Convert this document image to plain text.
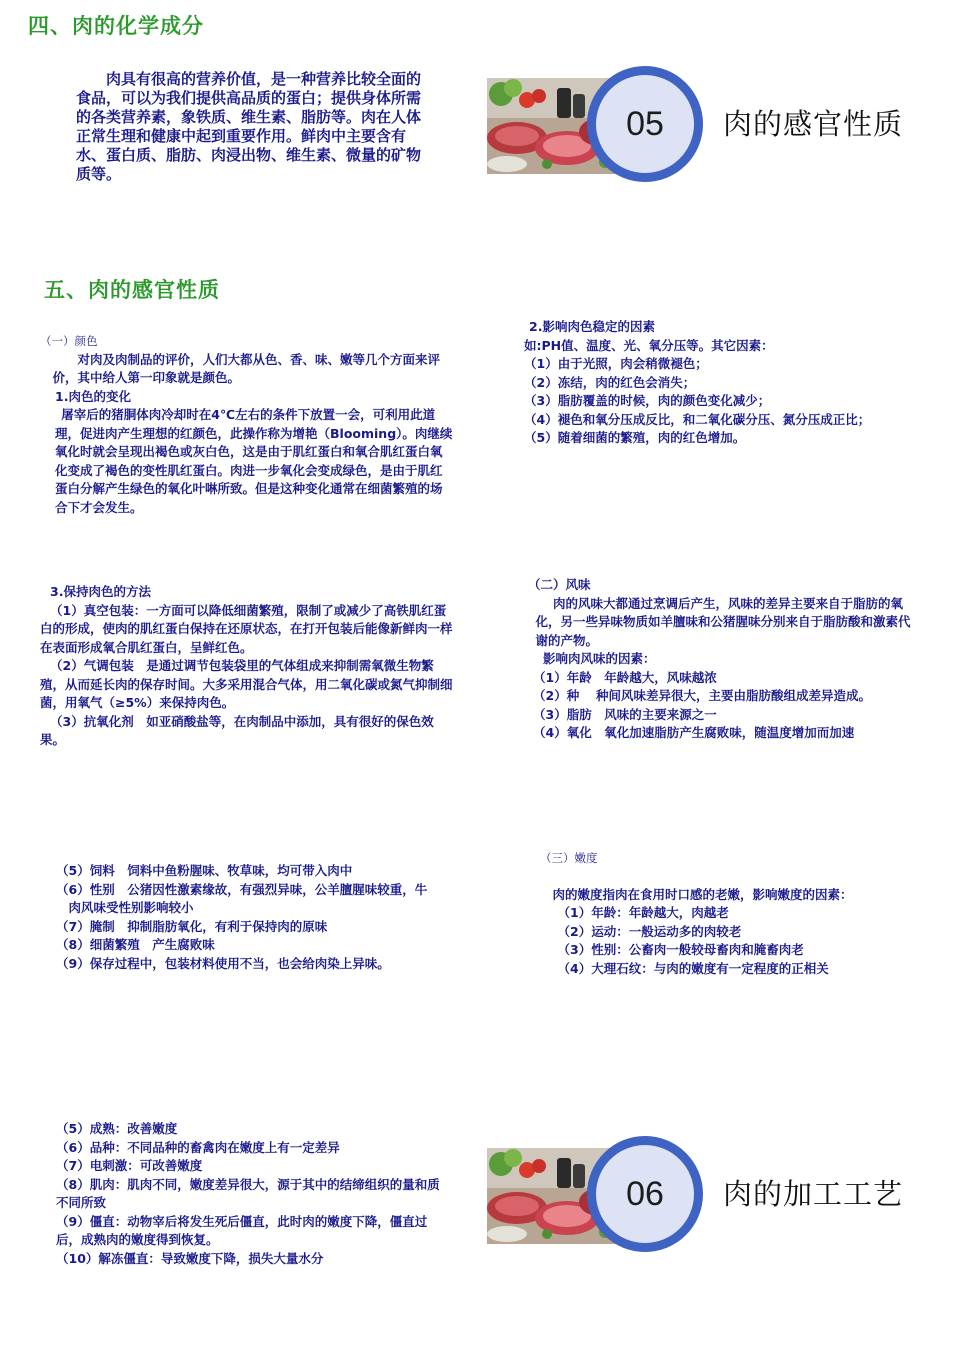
四、肉的化学成分

肉具有很高的营养价值，是一种营养比较全面的食品，可以为我们提供高品质的蛋白；提供身体所需的各类营养素，象铁质、维生素、脂肪等。肉在人体正常生理和健康中起到重要作用。鲜肉中主要含有水、蛋白质、脂肪、肉浸出物、维生素、微量的矿物质等。

05	肉的感官性质
五、肉的感官性质

（一）颜色

对肉及肉制品的评价，人们大都从色、香、味、嫩等几个方面来评价，其中给人第一印象就是颜色。

1.肉色的变化

屠宰后的猪胴体肉冷却时在4℃左右的条件下放置一会，可利用此道理，促进肉产生理想的红颜色，此操作称为增艳（Blooming）。肉继续氧化时就会呈现出褐色或灰白色，这是由于肌红蛋白和氧合肌红蛋白氧化变成了褐色的变性肌红蛋白。肉进一步氧化会变成绿色，是由于肌红蛋白分解产生绿色的氧化叶啉所致。但是这种变化通常在细菌繁殖的场合下才会发生。

2.影响肉色稳定的因素

如:PH值、温度、光、氧分压等。其它因素：

（1）由于光照，肉会稍微褪色；

（2）冻结，肉的红色会消失；

（3）脂肪覆盖的时候，肉的颜色变化减少；

（4）褪色和氧分压成反比，和二氧化碳分压、氮分压成正比；

（5）随着细菌的繁殖，肉的红色增加。

3.保持肉色的方法

（1）真空包装：一方面可以降低细菌繁殖，限制了或减少了高铁肌红蛋白的形成，使肉的肌红蛋白保持在还原状态，在打开包装后能像新鲜肉一样在表面形成氧合肌红蛋白，呈鲜红色。

（2）气调包装　是通过调节包装袋里的气体组成来抑制需氧微生物繁殖，从而延长肉的保存时间。大多采用混合气体，用二氧化碳或氮气抑制细菌，用氧气（≥5%）来保持肉色。

（3）抗氧化剂　如亚硝酸盐等，在肉制品中添加，具有很好的保色效果。

（二）风味

肉的风味大都通过烹调后产生，风味的差异主要来自于脂肪的氧化，另一些异味物质如羊膻味和公猪腥味分别来自于脂肪酸和激素代谢的产物。

影响肉风味的因素：

（1）年龄　年龄越大，风味越浓

（2）种　 种间风味差异很大，主要由脂肪酸组成差异造成。

（3）脂肪　风味的主要来源之一

（4）氧化　氧化加速脂肪产生腐败味，随温度增加而加速

（5）饲料　饲料中鱼粉腥味、牧草味，均可带入肉中

（6）性别　公猪因性激素缘故，有强烈异味，公羊膻腥味较重，牛肉风味受性别影响较小

（7）腌制　抑制脂肪氧化，有利于保持肉的原味

（8）细菌繁殖　产生腐败味

（9）保存过程中，包装材料使用不当，也会给肉染上异味。

（三）嫩度

肉的嫩度指肉在食用时口感的老嫩，影响嫩度的因素：

（1）年龄：年龄越大，肉越老

（2）运动：一般运动多的肉较老

（3）性别：公畜肉一般较母畜肉和腌畜肉老

（4）大理石纹：与肉的嫩度有一定程度的正相关

（5）成熟：改善嫩度

（6）品种：不同品种的畜禽肉在嫩度上有一定差异

（7）电刺激：可改善嫩度

（8）肌肉：肌肉不同，嫩度差异很大，源于其中的结缔组织的量和质不同所致

（9）僵直：动物宰后将发生死后僵直，此时肉的嫩度下降，僵直过后，成熟肉的嫩度得到恢复。

（10）解冻僵直：导致嫩度下降，损失大量水分

06	肉的加工工艺
